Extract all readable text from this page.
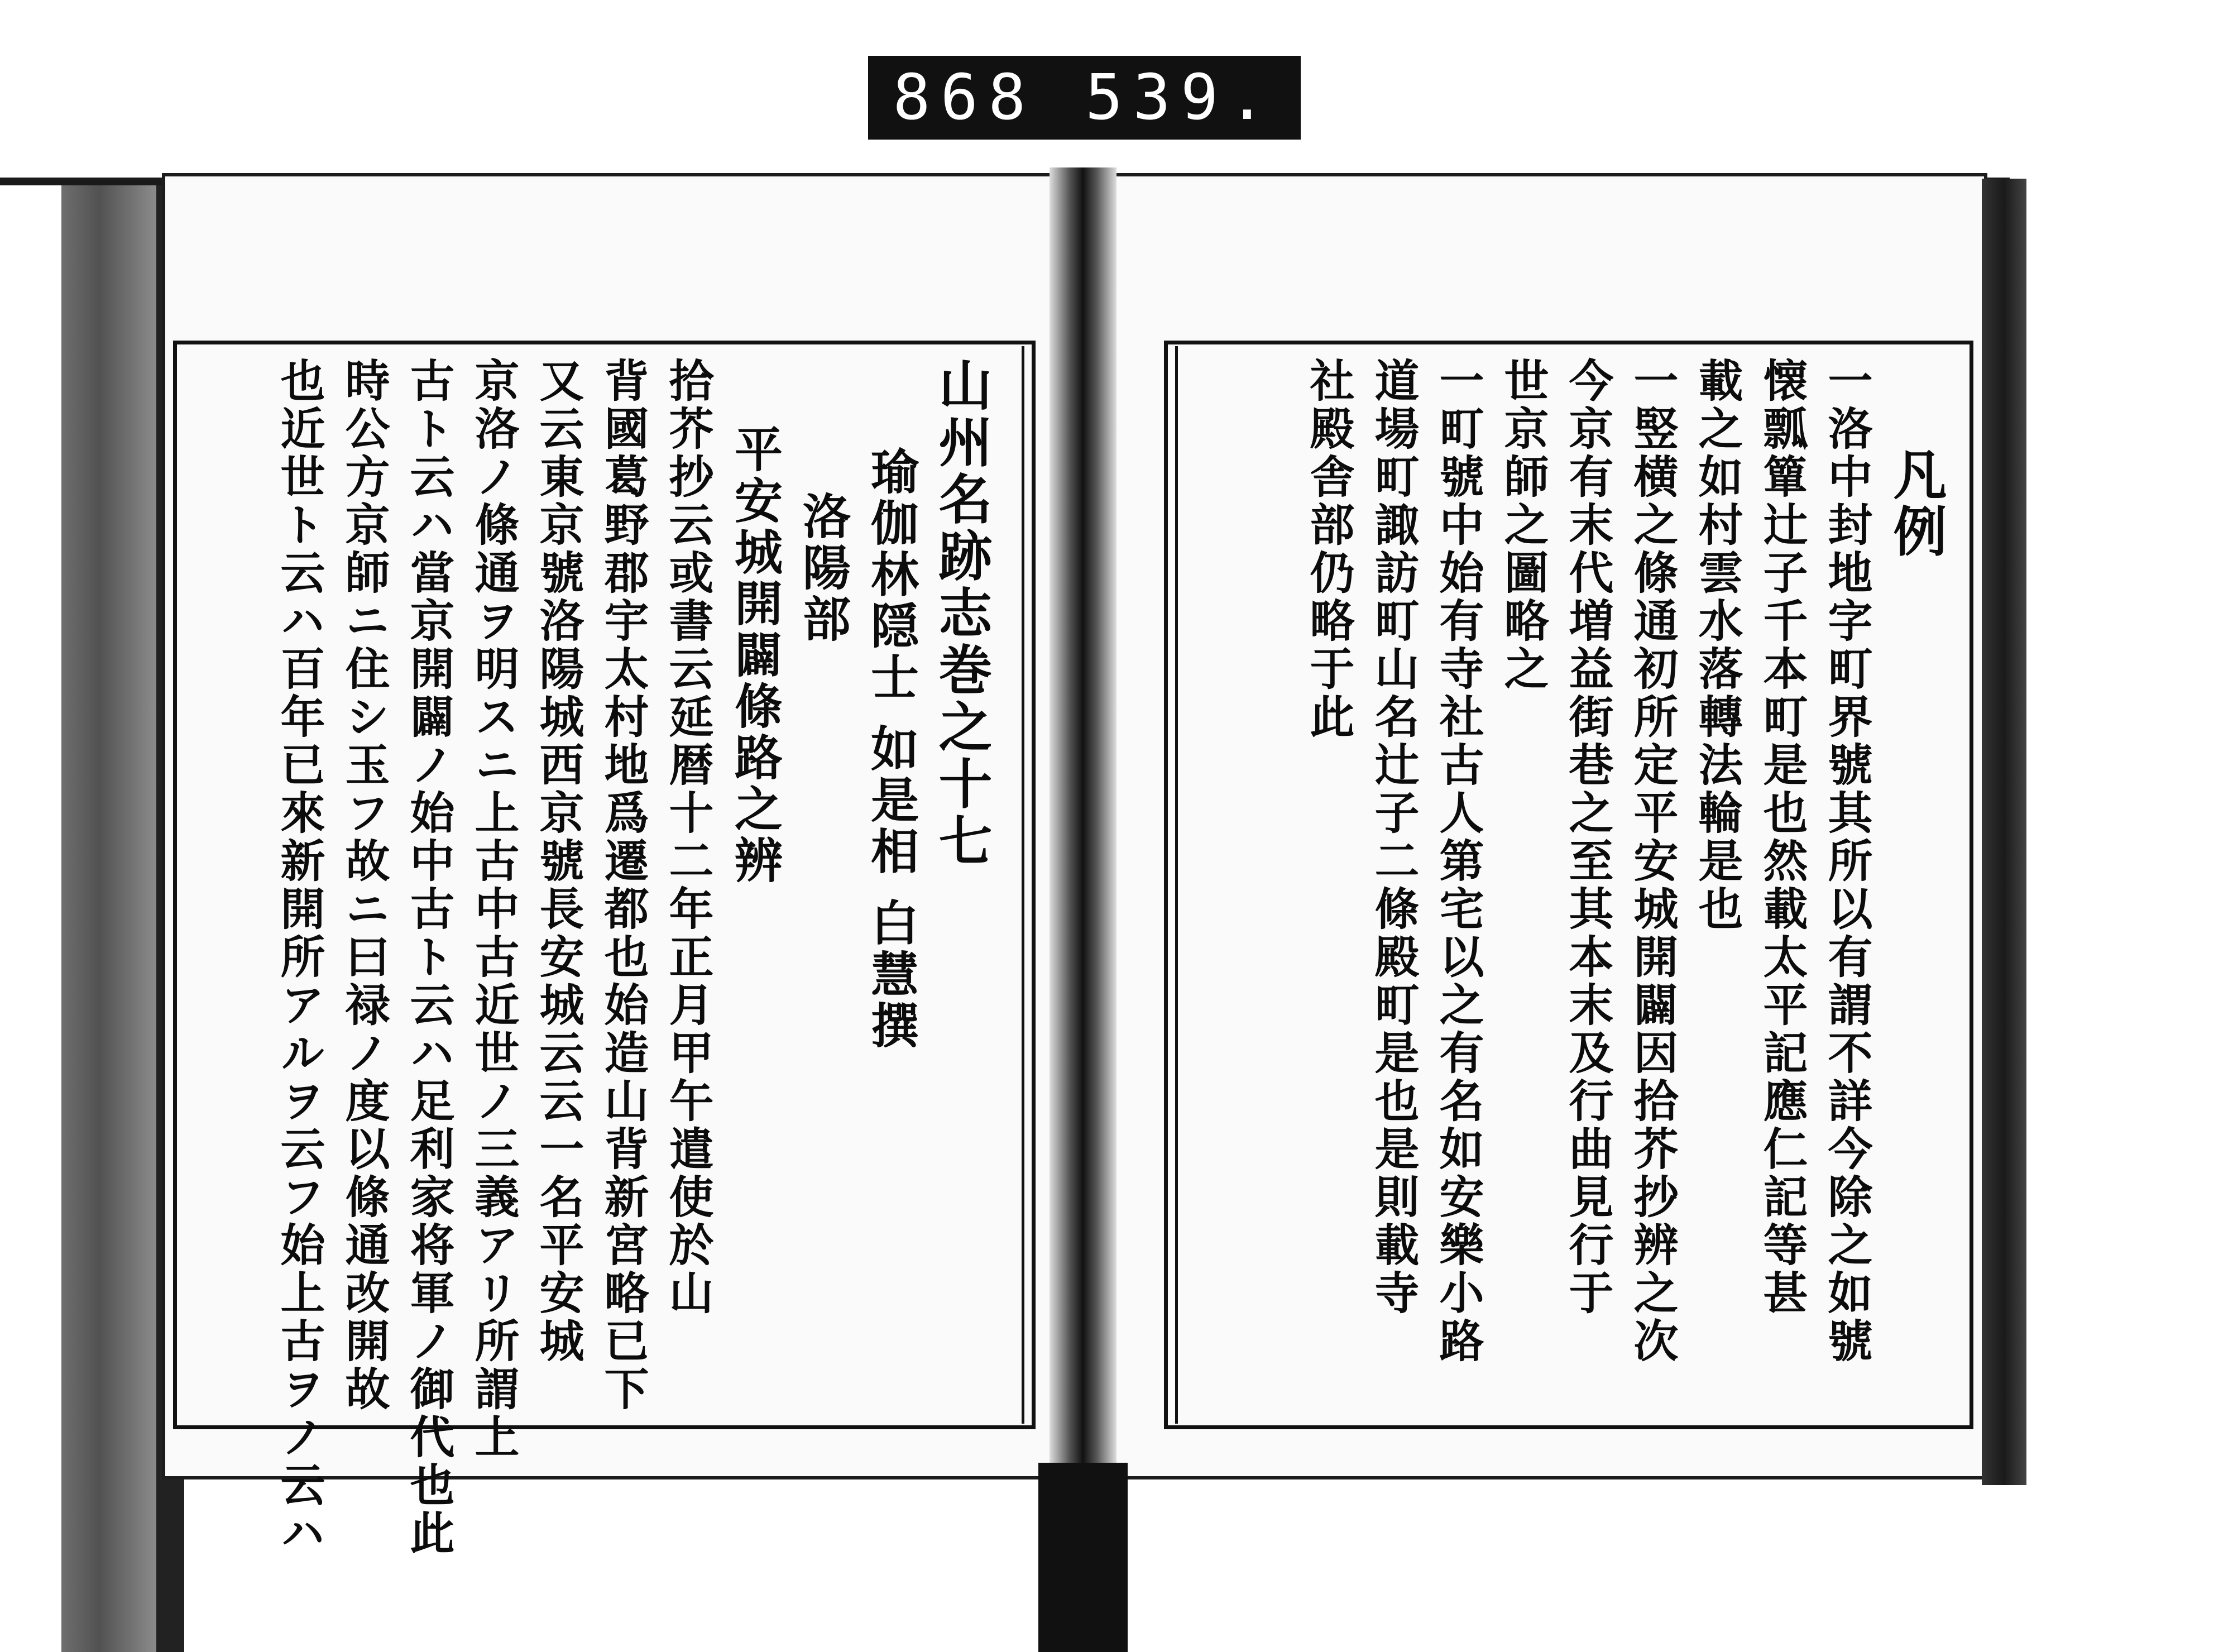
868 539.
山州名跡志巻之十七
瑜伽林隠士 如是相 白慧撰
洛陽部
平安城開闢條路之辨
拾芥抄云或書云延暦十二年正月甲午遣使於山
背國葛野郡宇太村地爲遷都也始造山背新宮略已下
又云東京號洛陽城西京號長安城云云一名平安城
京洛ノ條通ヲ明スニ上古中古近世ノ三義アリ所謂上
古ト云ハ當京開闢ノ始中古ト云ハ足利家将軍ノ御代也此
時公方京師ニ住シ玉フ故ニ曰禄ノ度以條通改開故
也近世ト云ハ百年已來新開所アルヲ云フ始上古ヲノ云ハ	凡例
一洛中封地字町界號其所以有謂不詳今除之如號
懐瓢簞辻子千本町是也然載太平記應仁記等甚
載之如村雲水落轉法輪是也
一竪横之條通初所定平安城開闢因拾芥抄辨之次
今京有末代増益街巷之至其本末及行曲見行于
世京師之圖略之
一町號中始有寺社古人第宅以之有名如安樂小路
道場町諏訪町山名辻子二條殿町是也是則載寺
社殿舎部仍略于此
